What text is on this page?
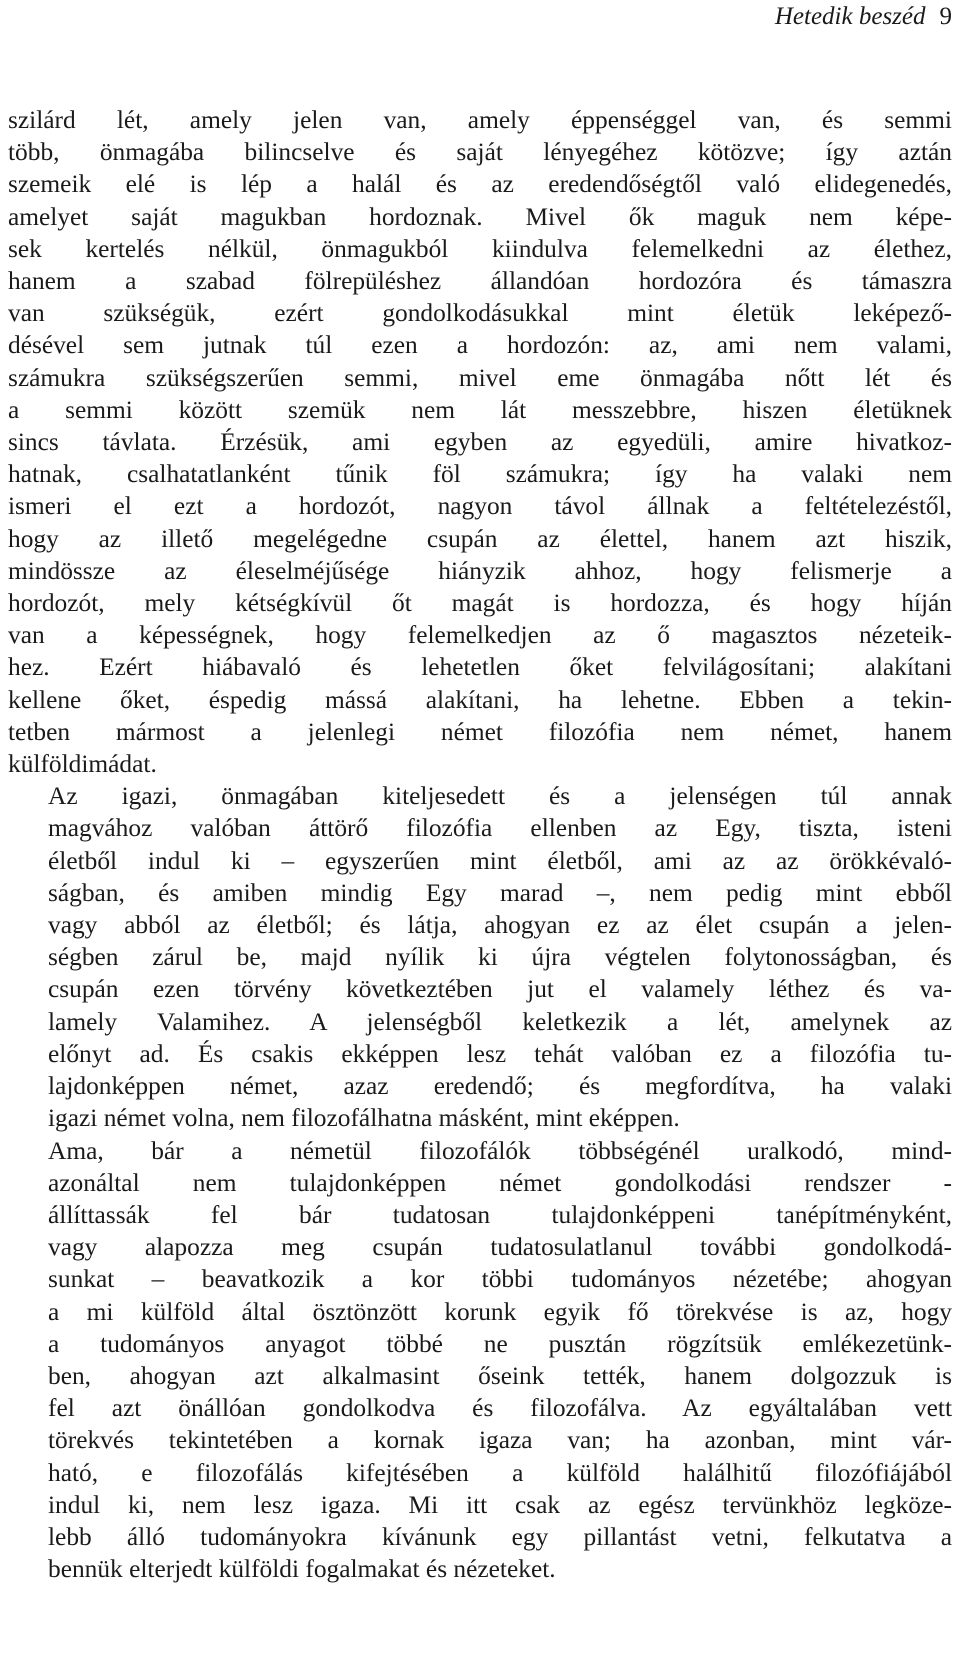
Hetedik beszéd 9
szilárd lét, amely jelen van, amely éppenséggel van, és semmi
több, önmagába bilincselve és saját lényegéhez kötözve; így aztán
szemeik elé is lép a halál és az eredendőségtől való elidegenedés,
amelyet saját magukban hordoznak. Mivel ők maguk nem képe-
sek kertelés nélkül, önmagukból kiindulva felemelkedni az élethez,
hanem a szabad fölrepüléshez állandóan hordozóra és támaszra
van szükségük, ezért gondolkodásukkal mint életük leképező-
désével sem jutnak túl ezen a hordozón: az, ami nem valami,
számukra szükségszerűen semmi, mivel eme önmagába nőtt lét és
a semmi között szemük nem lát messzebbre, hiszen életüknek
sincs távlata. Érzésük, ami egyben az egyedüli, amire hivatkoz-
hatnak, csalhatatlanként tűnik föl számukra; így ha valaki nem
ismeri el ezt a hordozót, nagyon távol állnak a feltételezéstől,
hogy az illető megelégedne csupán az élettel, hanem azt hiszik,
mindössze az éleselméjűsége hiányzik ahhoz, hogy felismerje a
hordozót, mely kétségkívül őt magát is hordozza, és hogy híján
van a képességnek, hogy felemelkedjen az ő magasztos nézeteik-
hez. Ezért hiábavaló és lehetetlen őket felvilágosítani; alakítani
kellene őket, éspedig mássá alakítani, ha lehetne. Ebben a tekin-
tetben mármost a jelenlegi német filozófia nem német, hanem
külföldimádat.
Az igazi, önmagában kiteljesedett és a jelenségen túl annak
magvához valóban áttörő filozófia ellenben az Egy, tiszta, isteni
életből indul ki – egyszerűen mint életből, ami az az örökkévaló-
ságban, és amiben mindig Egy marad –, nem pedig mint ebből
vagy abból az életből; és látja, ahogyan ez az élet csupán a jelen-
ségben zárul be, majd nyílik ki újra végtelen folytonosságban, és
csupán ezen törvény következtében jut el valamely léthez és va-
lamely Valamihez. A jelenségből keletkezik a lét, amelynek az
előnyt ad. És csakis ekképpen lesz tehát valóban ez a filozófia tu-
lajdonképpen német, azaz eredendő; és megfordítva, ha valaki
igazi német volna, nem filozofálhatna másként, mint eképpen.
Ama, bár a németül filozofálók többségénél uralkodó, mind-
azonáltal nem tulajdonképpen német gondolkodási rendszer -
állíttassák fel bár tudatosan tulajdonképpeni tanépítményként,
vagy alapozza meg csupán tudatosulatlanul további gondolkodá-
sunkat – beavatkozik a kor többi tudományos nézetébe; ahogyan
a mi külföld által ösztönzött korunk egyik fő törekvése is az, hogy
a tudományos anyagot többé ne pusztán rögzítsük emlékezetünk-
ben, ahogyan azt alkalmasint őseink tették, hanem dolgozzuk is
fel azt önállóan gondolkodva és filozofálva. Az egyáltalában vett
törekvés tekintetében a kornak igaza van; ha azonban, mint vár-
ható, e filozofálás kifejtésében a külföld halálhitű filozófiájából
indul ki, nem lesz igaza. Mi itt csak az egész tervünkhöz legköze-
lebb álló tudományokra kívánunk egy pillantást vetni, felkutatva a
bennük elterjedt külföldi fogalmakat és nézeteket.
